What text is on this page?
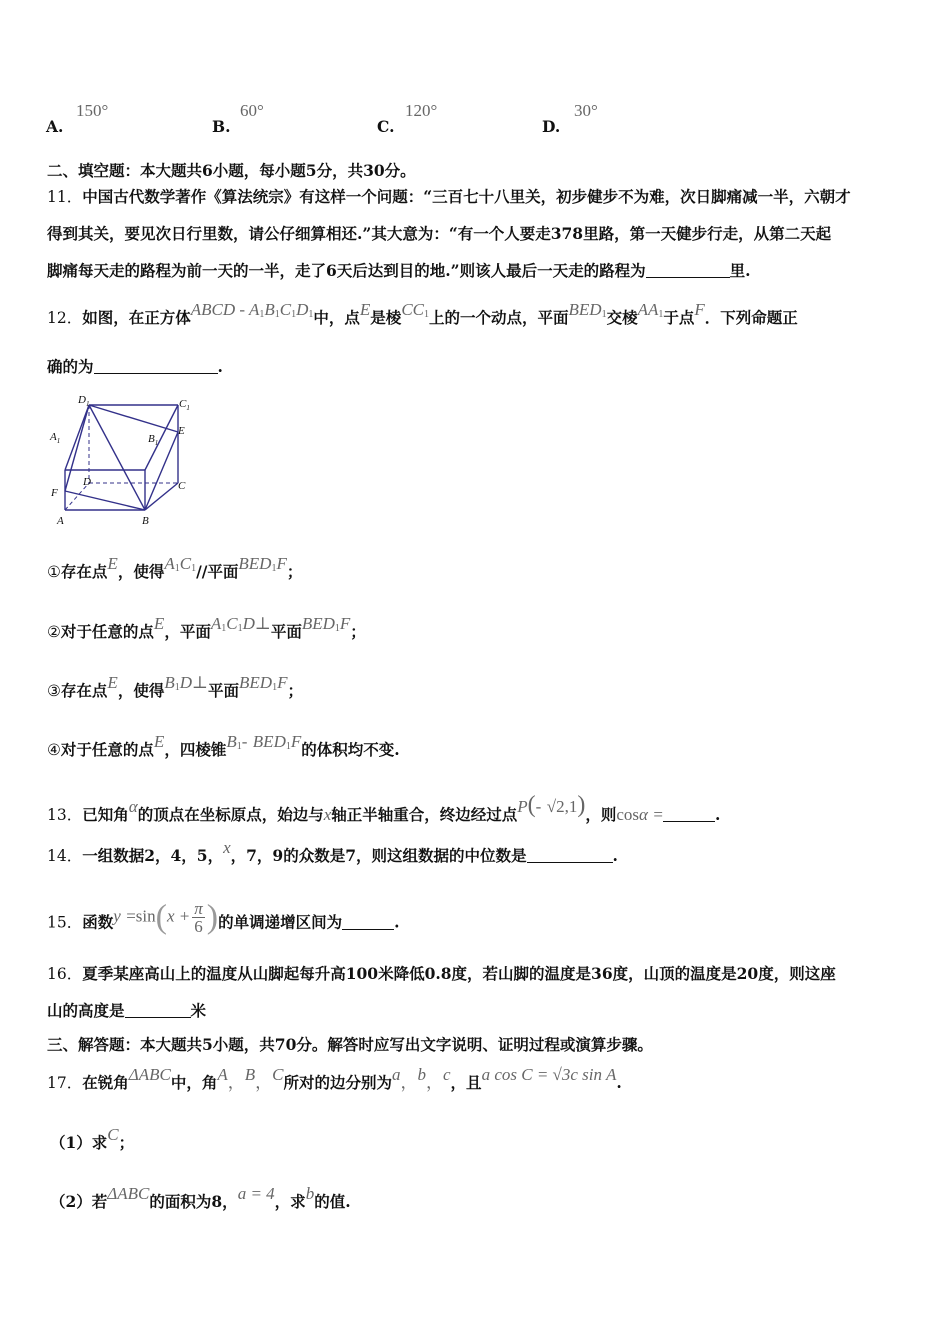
150°
A.
60°
B.
120°
C.
30°
D.
二、填空题：本大题共6小题，每小题5分，共30分。
11．中国古代数学著作《算法统宗》有这样一个问题：“三百七十八里关，初步健步不为难，次日脚痛减一半，六朝才
得到其关，要见次日行里数，请公仔细算相还.”其大意为：“有一个人要走378里路，第一天健步行走，从第二天起
脚痛每天走的路程为前一天的一半，走了6天后达到目的地.”则该人最后一天走的路程为	里.
12．如图，在正方体ABCD - $A_1B_1C_1D_1$中，点E是棱$CC_1$上的一个动点，平面$BED_1$交棱$AA_1$于点F．下列命题正
确的为	.
$D_1$	$C_1$
$A_1$	$B_1$
E
D	C
F
A	B
①存在点E，使得$A_1C_1//$平面$BED_1F$；
②对于任意的点E，平面$A_1C_1D\perp$平面$BED_1F$；
③存在点E，使得$B_1D\perp$平面$BED_1F$；
④对于任意的点E，四棱锥$B_1-$ $BED_1F$的体积均不变.
13．已知角α的顶点在坐标原点，始边与x轴正半轴重合，终边经过点P(- √2,1)，则cosα =	.
14．一组数据2，4，5，x，7，9的众数是7，则这组数据的中位数是	.
15．函数$y =\sin(x + \frac{\pi}{6}$ )的单调递增区间为	.
16．夏季某座高山上的温度从山脚起每升高100米降低0.8度，若山脚的温度是36度，山顶的温度是20度，则这座
山的高度是	米
三、解答题：本大题共5小题，共70分。解答时应写出文字说明、证明过程或演算步骤。
17．在锐角ΔABC中，角A，B，C所对的边分别为a，b，c，且a cos C = √3c sin A.
（1）求C；
（2）若ΔABC的面积为8，a = 4，求b的值.
